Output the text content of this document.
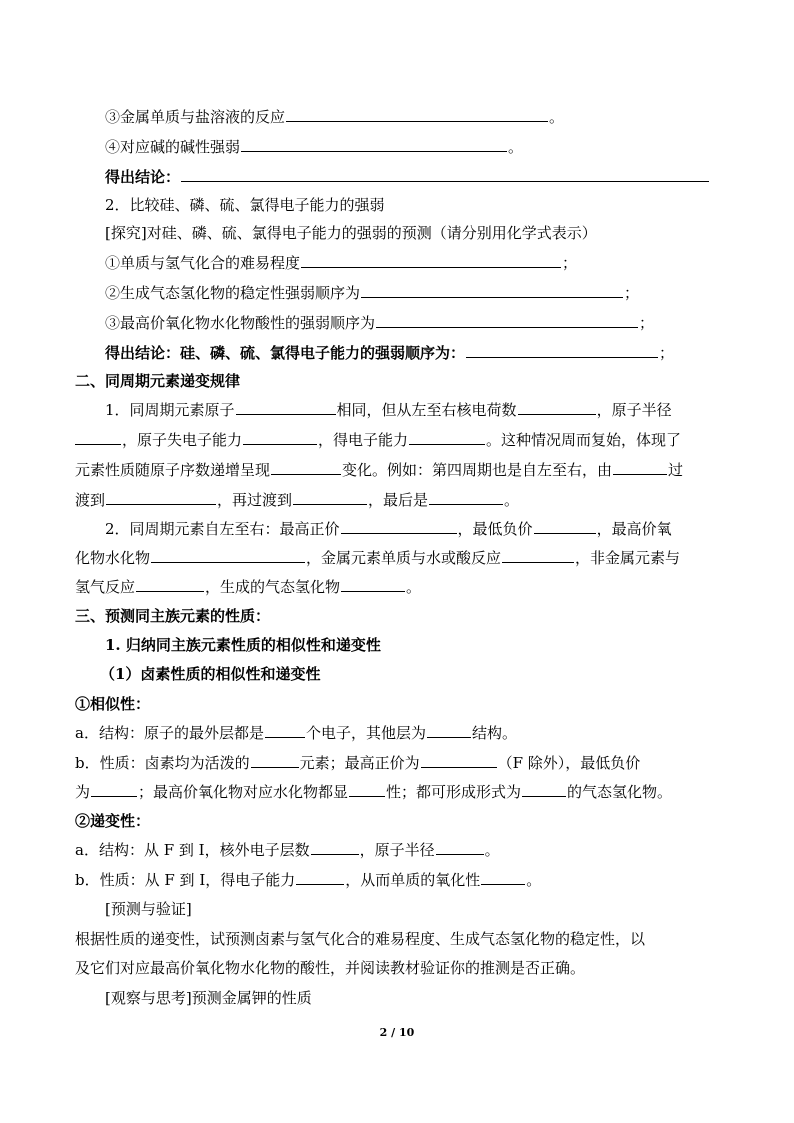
③金属单质与盐溶液的反应	。
④对应碱的碱性强弱	。
得出结论：
2．比较硅、磷、硫、氯得电子能力的强弱
[探究]对硅、磷、硫、氯得电子能力的强弱的预测（请分别用化学式表示）
①单质与氢气化合的难易程度	；
②生成气态氢化物的稳定性强弱顺序为	；
③最高价氧化物水化物酸性的强弱顺序为	；
得出结论：硅、磷、硫、氯得电子能力的强弱顺序为：	；
二、同周期元素递变规律
1．同周期元素原子	相同，但从左至右核电荷数	，原子半径
，原子失电子能力	，得电子能力	。这种情况周而复始，体现了
元素性质随原子序数递增呈现	变化。例如：第四周期也是自左至右，由	过
渡到	，再过渡到	，最后是	。
2．同周期元素自左至右：最高正价	，最低负价	，最高价氧
化物水化物	，金属元素单质与水或酸反应	，非金属元素与
氢气反应	，生成的气态氢化物	。
三、预测同主族元素的性质：
1. 归纳同主族元素性质的相似性和递变性
（1）卤素性质的相似性和递变性
①相似性：
a．结构：原子的最外层都是	个电子，其他层为	结构。
b．性质：卤素均为活泼的	元素；最高正价为	（F 除外），最低负价
为	；最高价氧化物对应水化物都显	性；都可形成形式为	的气态氢化物。
②递变性：
a．结构：从 F 到 I，核外电子层数	，原子半径	。
b．性质：从 F 到 I，得电子能力	，从而单质的氧化性	。
[预测与验证]
根据性质的递变性，试预测卤素与氢气化合的难易程度、生成气态氢化物的稳定性，以
及它们对应最高价氧化物水化物的酸性，并阅读教材验证你的推测是否正确。
[观察与思考]预测金属钾的性质
2 / 10
